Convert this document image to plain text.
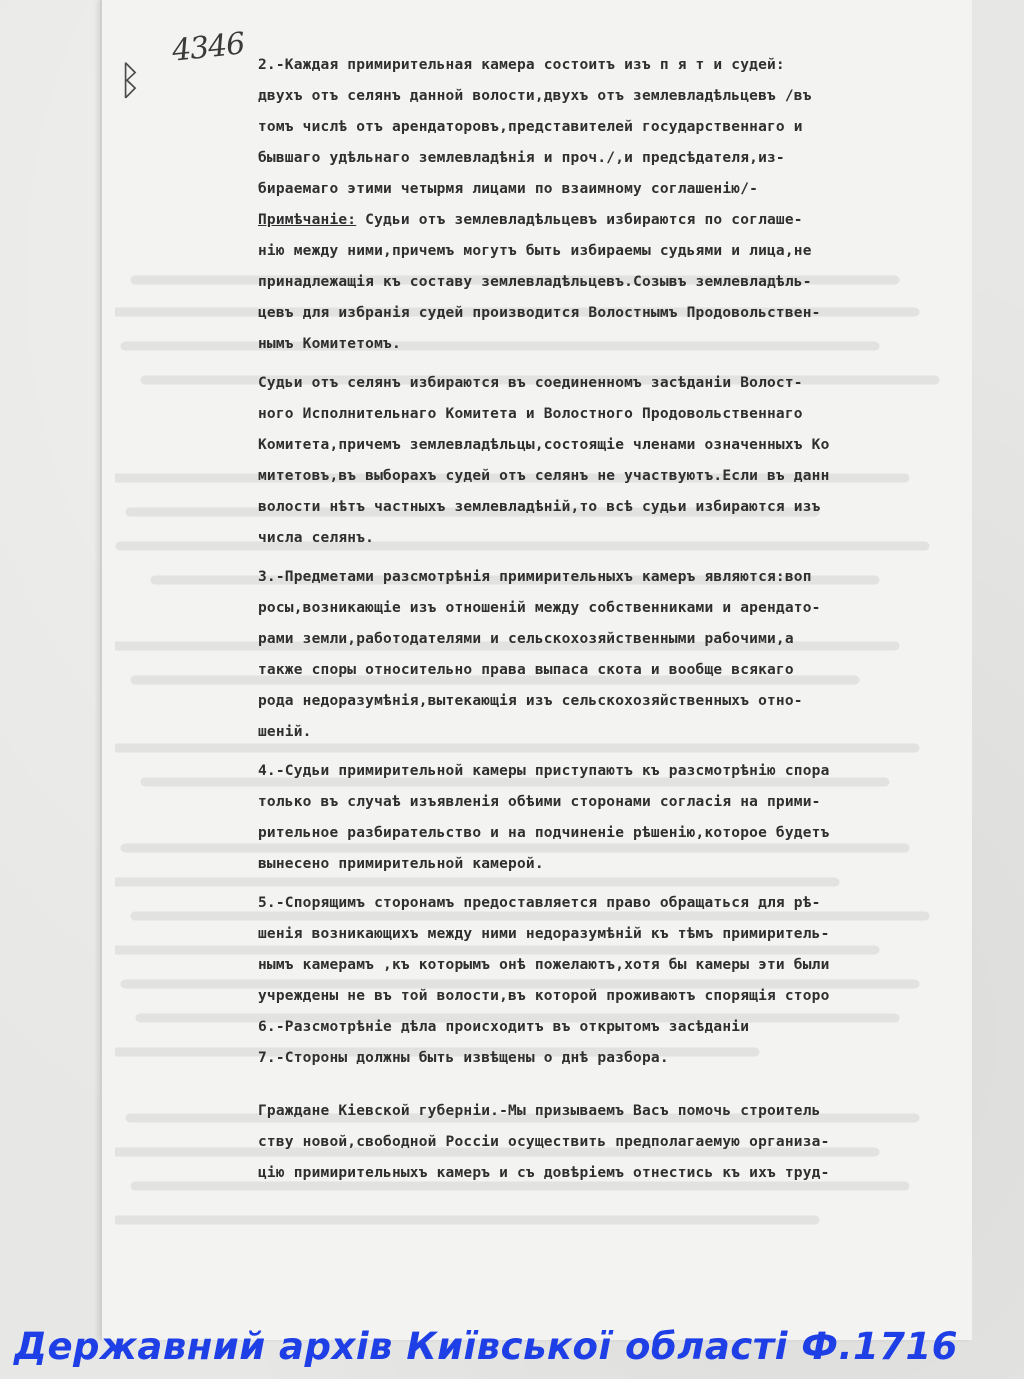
4346
ᛒ	2.-Каждая примирительная камера состоитъ изъ п я т и судей:
двухъ отъ селянъ данной волости,двухъ отъ землевладѣльцевъ /въ
томъ числѣ отъ арендаторовъ,представителей государственнаго и
бывшаго удѣльнаго землевладѣнія и проч./,и предсѣдателя,из-
бираемаго этими четырмя лицами по взаимному соглашенію/-
Примѣчаніе: Судьи отъ землевладѣльцевъ избираются по соглаше-
нію между ними,причемъ могутъ быть избираемы судьями и лица,не
принадлежащія къ составу землевладѣльцевъ.Созывъ землевладѣль-
цевъ для избранія судей производится Волостнымъ Продовольствен-
нымъ Комитетомъ.
Судьи отъ селянъ избираются въ соединенномъ засѣданіи Волост-
ного Исполнительнаго Комитета и Волостного Продовольственнаго
Комитета,причемъ землевладѣльцы,состоящіе членами означенныхъ Ко
митетовъ,въ выборахъ судей отъ селянъ не участвуютъ.Если въ данн
волости нѣтъ частныхъ землевладѣній,то всѣ судьи избираются изъ
числа селянъ.
3.-Предметами разсмотрѣнія примирительныхъ камеръ являются:воп
росы,возникающіе изъ отношеній между собственниками и арендато-
рами земли,работодателями и сельскохозяйственными рабочими,а
также споры относительно права выпаса скота и вообще всякаго
рода недоразумѣнія,вытекающія изъ сельскохозяйственныхъ отно-
шеній.
4.-Судьи примирительной камеры приступаютъ къ разсмотрѣнію спора
только въ случаѣ изъявленія обѣими сторонами согласія на прими-
рительное разбирательство и на подчиненіе рѣшенію,которое будетъ
вынесено примирительной камерой.
5.-Спорящимъ сторонамъ предоставляется право обращаться для рѣ-
шенія возникающихъ между ними недоразумѣній къ тѣмъ примиритель-
нымъ камерамъ ,къ которымъ онѣ пожелаютъ,хотя бы камеры эти были
учреждены не въ той волости,въ которой проживаютъ спорящія сторо
6.-Разсмотрѣніе дѣла происходитъ въ открытомъ засѣданіи
7.-Стороны должны быть извѣщены о днѣ разбора.
Граждане Кіевской губерніи.-Мы призываемъ Васъ помочь строитель
ству новой,свободной Россіи осуществить предполагаемую организа-
цію примирительныхъ камеръ и съ довѣріемъ отнестись къ ихъ труд-
Державний архів Київської області Ф.1716
